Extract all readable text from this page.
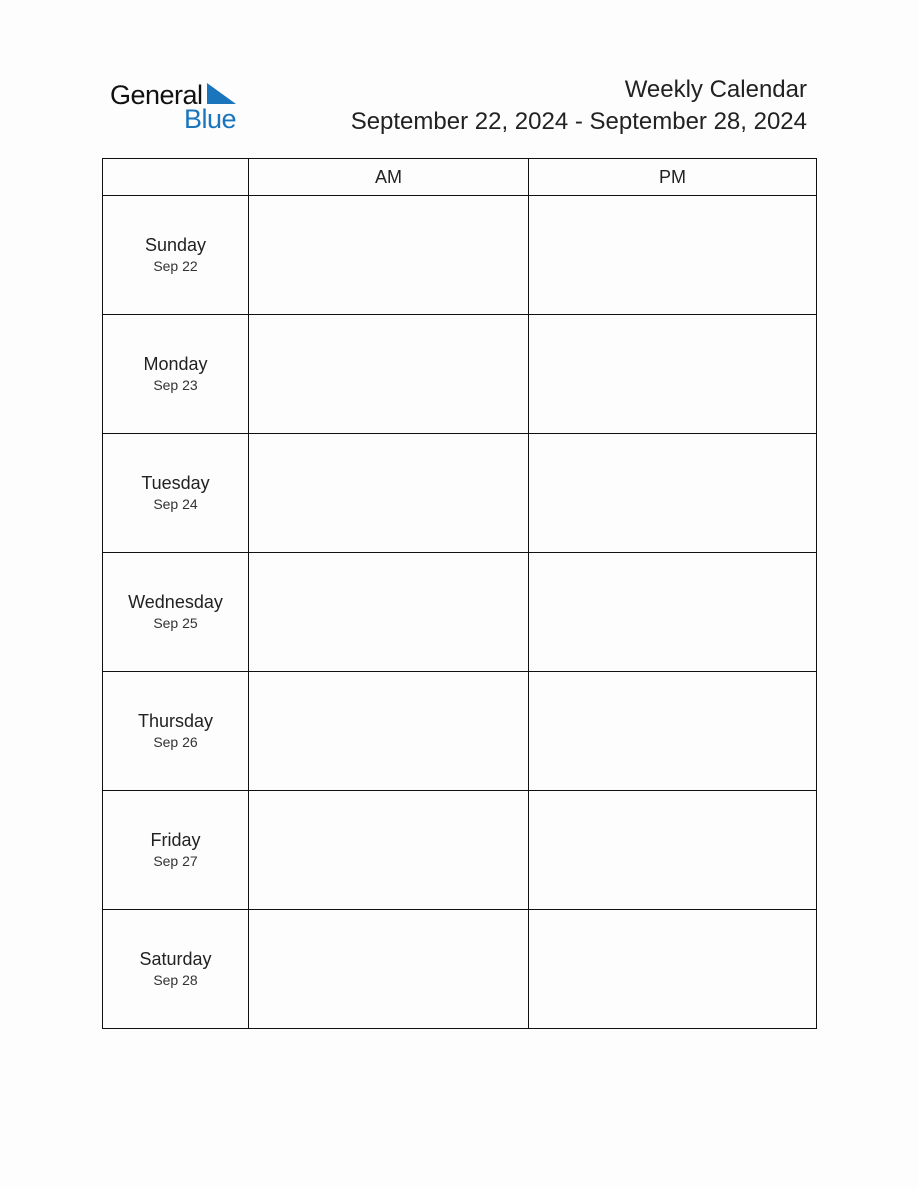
General
Blue
Weekly Calendar
September 22, 2024 - September 28, 2024
	AM	PM

Sunday
Sep 22		

Monday
Sep 23		

Tuesday
Sep 24		

Wednesday
Sep 25		

Thursday
Sep 26		

Friday
Sep 27		

Saturday
Sep 28		
